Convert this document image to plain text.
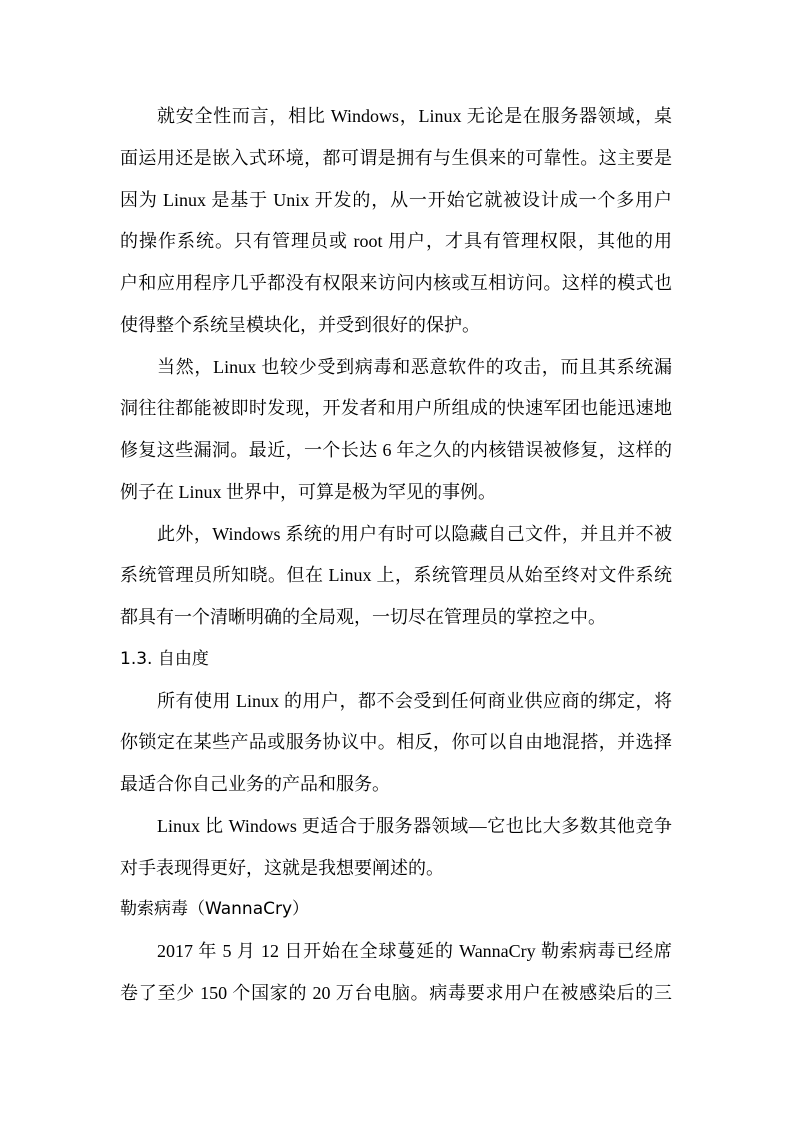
就安全性而言，相比 Windows，Linux 无论是在服务器领域，桌
面运用还是嵌入式环境，都可谓是拥有与生俱来的可靠性。这主要是
因为 Linux 是基于 Unix 开发的，从一开始它就被设计成一个多用户
的操作系统。只有管理员或 root 用户，才具有管理权限，其他的用
户和应用程序几乎都没有权限来访问内核或互相访问。这样的模式也
使得整个系统呈模块化，并受到很好的保护。
当然，Linux 也较少受到病毒和恶意软件的攻击，而且其系统漏
洞往往都能被即时发现，开发者和用户所组成的快速军团也能迅速地
修复这些漏洞。最近，一个长达 6 年之久的内核错误被修复，这样的
例子在 Linux 世界中，可算是极为罕见的事例。
此外，Windows 系统的用户有时可以隐藏自己文件，并且并不被
系统管理员所知晓。但在 Linux 上，系统管理员从始至终对文件系统
都具有一个清晰明确的全局观，一切尽在管理员的掌控之中。
1.3. 自由度
所有使用 Linux 的用户，都不会受到任何商业供应商的绑定，将
你锁定在某些产品或服务协议中。相反，你可以自由地混搭，并选择
最适合你自己业务的产品和服务。
Linux 比 Windows 更适合于服务器领域—它也比大多数其他竞争
对手表现得更好，这就是我想要阐述的。
勒索病毒（WannaCry）
2017 年 5 月 12 日开始在全球蔓延的 WannaCry 勒索病毒已经席
卷了至少 150 个国家的 20 万台电脑。病毒要求用户在被感染后的三
